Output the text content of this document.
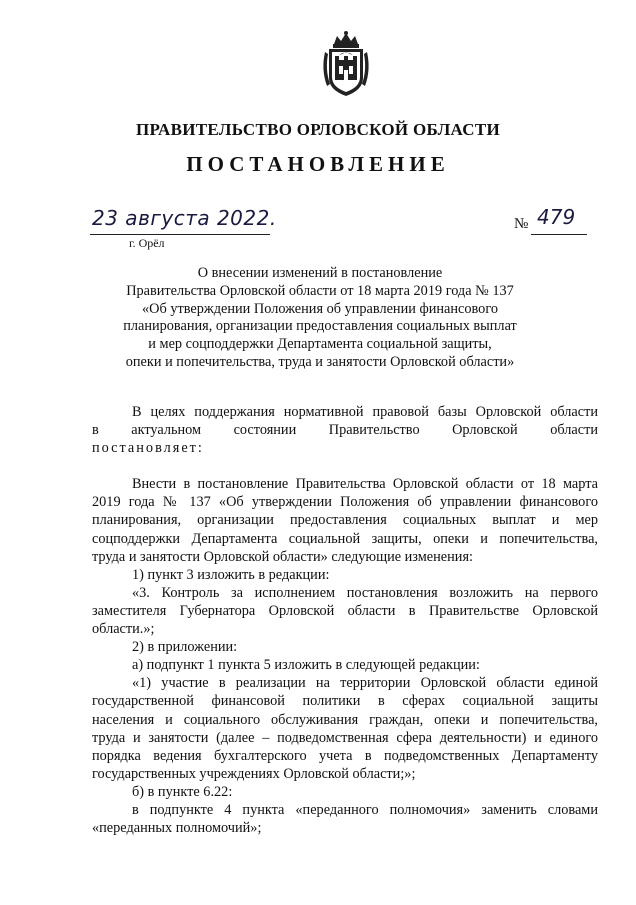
ПРАВИТЕЛЬСТВО ОРЛОВСКОЙ ОБЛАСТИ
ПОСТАНОВЛЕНИЕ
23 августа 2022.
г. Орёл
№ 479
О внесении изменений в постановление
Правительства Орловской области от 18 марта 2019 года № 137
«Об утверждении Положения об управлении финансового
планирования, организации предоставления социальных выплат
и мер соцподдержки Департамента социальной защиты,
опеки и попечительства, труда и занятости Орловской области»

В целях поддержания нормативной правовой базы Орловской области

в актуальном состоянии Правительство Орловской области

постановляет:

Внести в постановление Правительства Орловской области от 18 марта

2019 года № 137 «Об утверждении Положения об управлении финансового

планирования, организации предоставления социальных выплат и мер

соцподдержки Департамента социальной защиты, опеки и попечительства,

труда и занятости Орловской области» следующие изменения:

1) пункт 3 изложить в редакции:

«3. Контроль за исполнением постановления возложить на первого

заместителя Губернатора Орловской области в Правительстве Орловской

области.»;

2) в приложении:

а) подпункт 1 пункта 5 изложить в следующей редакции:

«1) участие в реализации на территории Орловской области единой

государственной финансовой политики в сферах социальной защиты

населения и социального обслуживания граждан, опеки и попечительства,

труда и занятости (далее – подведомственная сфера деятельности) и единого

порядка ведения бухгалтерского учета в подведомственных Департаменту

государственных учреждениях Орловской области;»;

б) в пункте 6.22:

в подпункте 4 пункта «переданного полномочия» заменить словами

«переданных полномочий»;
